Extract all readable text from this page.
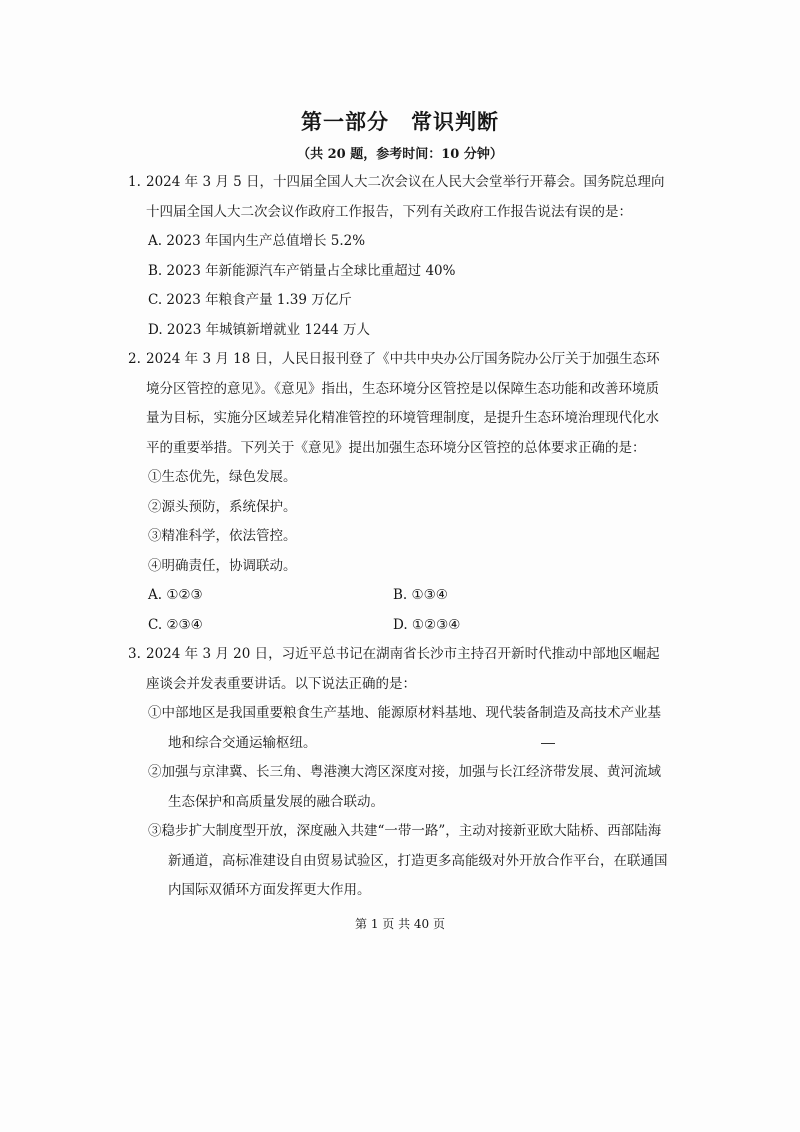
第一部分 常识判断
（共 20 题，参考时间：10 分钟）

1. 2024 年 3 月 5 日，十四届全国人大二次会议在人民大会堂举行开幕会。国务院总理向十四届全国人大二次会议作政府工作报告，下列有关政府工作报告说法有误的是：

A. 2023 年国内生产总值增长 5.2%

B. 2023 年新能源汽车产销量占全球比重超过 40%

C. 2023 年粮食产量 1.39 万亿斤

D. 2023 年城镇新增就业 1244 万人

2. 2024 年 3 月 18 日，人民日报刊登了《中共中央办公厅国务院办公厅关于加强生态环境分区管控的意见》。《意见》指出，生态环境分区管控是以保障生态功能和改善环境质量为目标，实施分区域差异化精准管控的环境管理制度，是提升生态环境治理现代化水平的重要举措。下列关于《意见》提出加强生态环境分区管控的总体要求正确的是：

①生态优先，绿色发展。

②源头预防，系统保护。

③精准科学，依法管控。

④明确责任，协调联动。

A. ①②③	B. ①③④
C. ②③④	D. ①②③④

3. 2024 年 3 月 20 日，习近平总书记在湖南省长沙市主持召开新时代推动中部地区崛起座谈会并发表重要讲话。以下说法正确的是：

①中部地区是我国重要粮食生产基地、能源原材料基地、现代装备制造及高技术产业基地和综合交通运输枢纽。

②加强与京津冀、长三角、粤港澳大湾区深度对接，加强与长江经济带发展、黄河流域生态保护和高质量发展的融合联动。

③稳步扩大制度型开放，深度融入共建“一带一路”，主动对接新亚欧大陆桥、西部陆海新通道，高标准建设自由贸易试验区，打造更多高能级对外开放合作平台，在联通国内国际双循环方面发挥更大作用。

第 1 页 共 40 页
